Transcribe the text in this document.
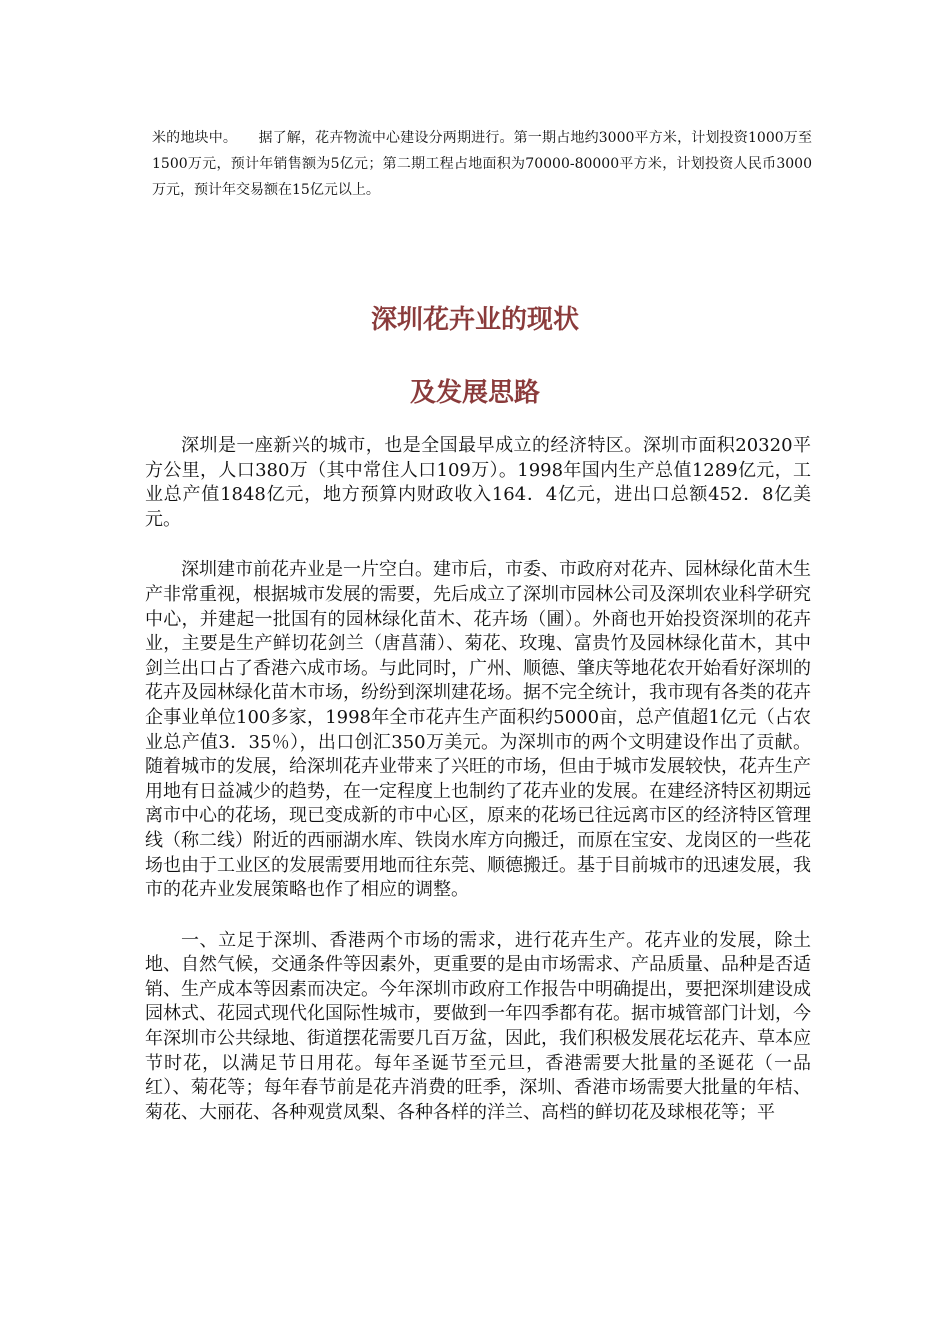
米的地块中。　　据了解，花卉物流中心建设分两期进行。第一期占地约3000平方米，计划投资1000万至1500万元，预计年销售额为5亿元；第二期工程占地面积为70000-80000平方米，计划投资人民币3000万元，预计年交易额在15亿元以上。
深圳花卉业的现状
及发展思路

深圳是一座新兴的城市，也是全国最早成立的经济特区。深圳市面积20320平方公里，人口380万（其中常住人口109万）。1998年国内生产总值1289亿元，工业总产值1848亿元，地方预算内财政收入164．4亿元，进出口总额452．8亿美元。

深圳建市前花卉业是一片空白。建市后，市委、市政府对花卉、园林绿化苗木生产非常重视，根据城市发展的需要，先后成立了深圳市园林公司及深圳农业科学研究中心，并建起一批国有的园林绿化苗木、花卉场（圃）。外商也开始投资深圳的花卉业，主要是生产鲜切花剑兰（唐菖蒲）、菊花、玫瑰、富贵竹及园林绿化苗木，其中剑兰出口占了香港六成市场。与此同时，广州、顺德、肇庆等地花农开始看好深圳的花卉及园林绿化苗木市场，纷纷到深圳建花场。据不完全统计，我市现有各类的花卉企事业单位100多家，1998年全市花卉生产面积约5000亩，总产值超1亿元（占农业总产值3．35％），出口创汇350万美元。为深圳市的两个文明建设作出了贡献。随着城市的发展，给深圳花卉业带来了兴旺的市场，但由于城市发展较快，花卉生产用地有日益减少的趋势，在一定程度上也制约了花卉业的发展。在建经济特区初期远离市中心的花场，现已变成新的市中心区，原来的花场已往远离市区的经济特区管理线（称二线）附近的西丽湖水库、铁岗水库方向搬迁，而原在宝安、龙岗区的一些花场也由于工业区的发展需要用地而往东莞、顺德搬迁。基于目前城市的迅速发展，我市的花卉业发展策略也作了相应的调整。

一、立足于深圳、香港两个市场的需求，进行花卉生产。花卉业的发展，除土地、自然气候，交通条件等因素外，更重要的是由市场需求、产品质量、品种是否适销、生产成本等因素而决定。今年深圳市政府工作报告中明确提出，要把深圳建设成园林式、花园式现代化国际性城市，要做到一年四季都有花。据市城管部门计划，今年深圳市公共绿地、街道摆花需要几百万盆，因此，我们积极发展花坛花卉、草本应节时花，以满足节日用花。每年圣诞节至元旦，香港需要大批量的圣诞花（一品红）、菊花等；每年春节前是花卉消费的旺季，深圳、香港市场需要大批量的年桔、菊花、大丽花、各种观赏凤梨、各种各样的洋兰、高档的鲜切花及球根花等；平
